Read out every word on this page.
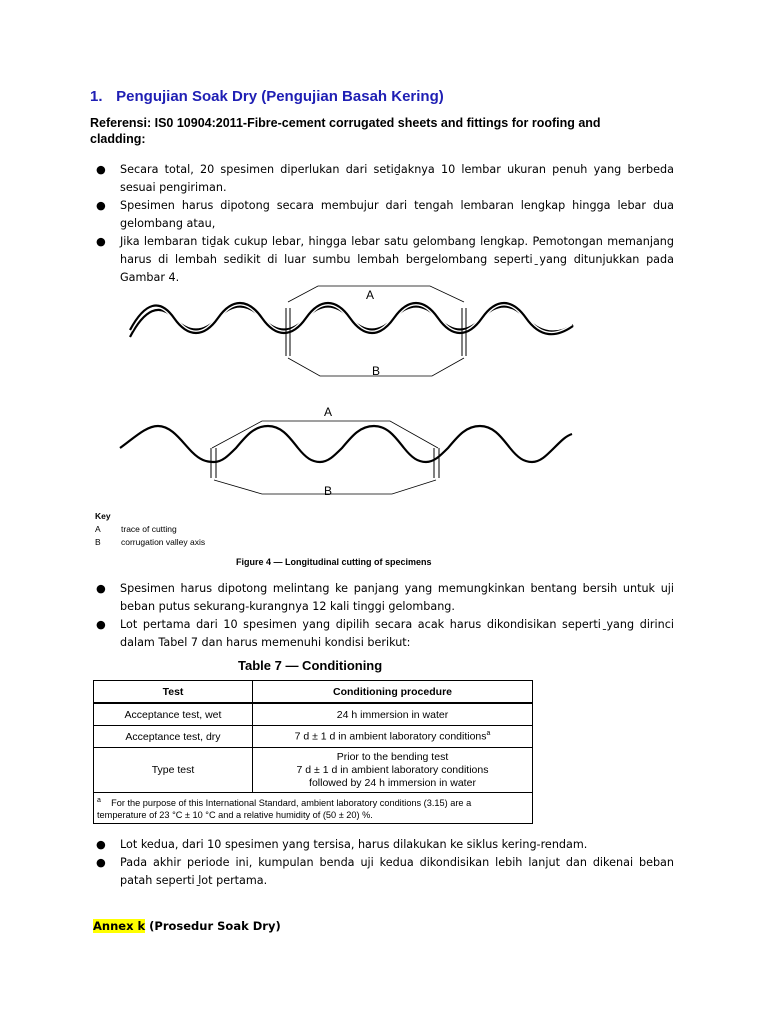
1. Pengujian Soak Dry (Pengujian Basah Kering)
Referensi: IS0 10904:2011-Fibre-cement corrugated sheets and fittings for roofing and cladding:
● Secara total, 20 spesimen diperlukan dari setiַdaknya 10 lembar ukuran penuh yang berbeda sesuai pengiriman.
● Spesimen harus dipotong secara membujur dari tengah lembaran lengkap hingga lebar dua gelombang atau,
● Jika lembaran tiַdak cukup lebar, hingga lebar satu gelombang lengkap. Pemotongan memanjang harus di lembah sedikit di luar sumbu lembah bergelombang sepertiַ yang ditunjukkan pada Gambar 4.
A
B
A
B
Key
A trace of cutting
B corrugation valley axis
Figure 4 — Longitudinal cutting of specimens
● Spesimen harus dipotong melintang ke panjang yang memungkinkan bentang bersih untuk uji beban putus sekurang-kurangnya 12 kali tinggi gelombang.
● Lot pertama dari 10 spesimen yang dipilih secara acak harus dikondisikan sepertiַ yang dirinci dalam Tabel 7 dan harus memenuhi kondisi berikut:
Table 7 — Conditioning
Test	Conditioning procedure
Acceptance test, wet	24 h immersion in water
Acceptance test, dry	7 d ± 1 d in ambient laboratory conditions$^a$
Type test	Prior to the bending test
7 d ± 1 d in ambient laboratory conditions
followed by 24 h immersion in water

$^a$ For the purpose of this International Standard, ambient laboratory conditions (3.15) are a
temperature of 23 °C ± 10 °C and a relative humidity of (50 ± 20) %.	
● Lot kedua, dari 10 spesimen yang tersisa, harus dilakukan ke siklus kering-rendam.
● Pada akhir periode ini, kumpulan benda uji kedua dikondisikan lebih lanjut dan dikenai beban patah sepertiַ lot pertama.
Annex k (Prosedur Soak Dry)
